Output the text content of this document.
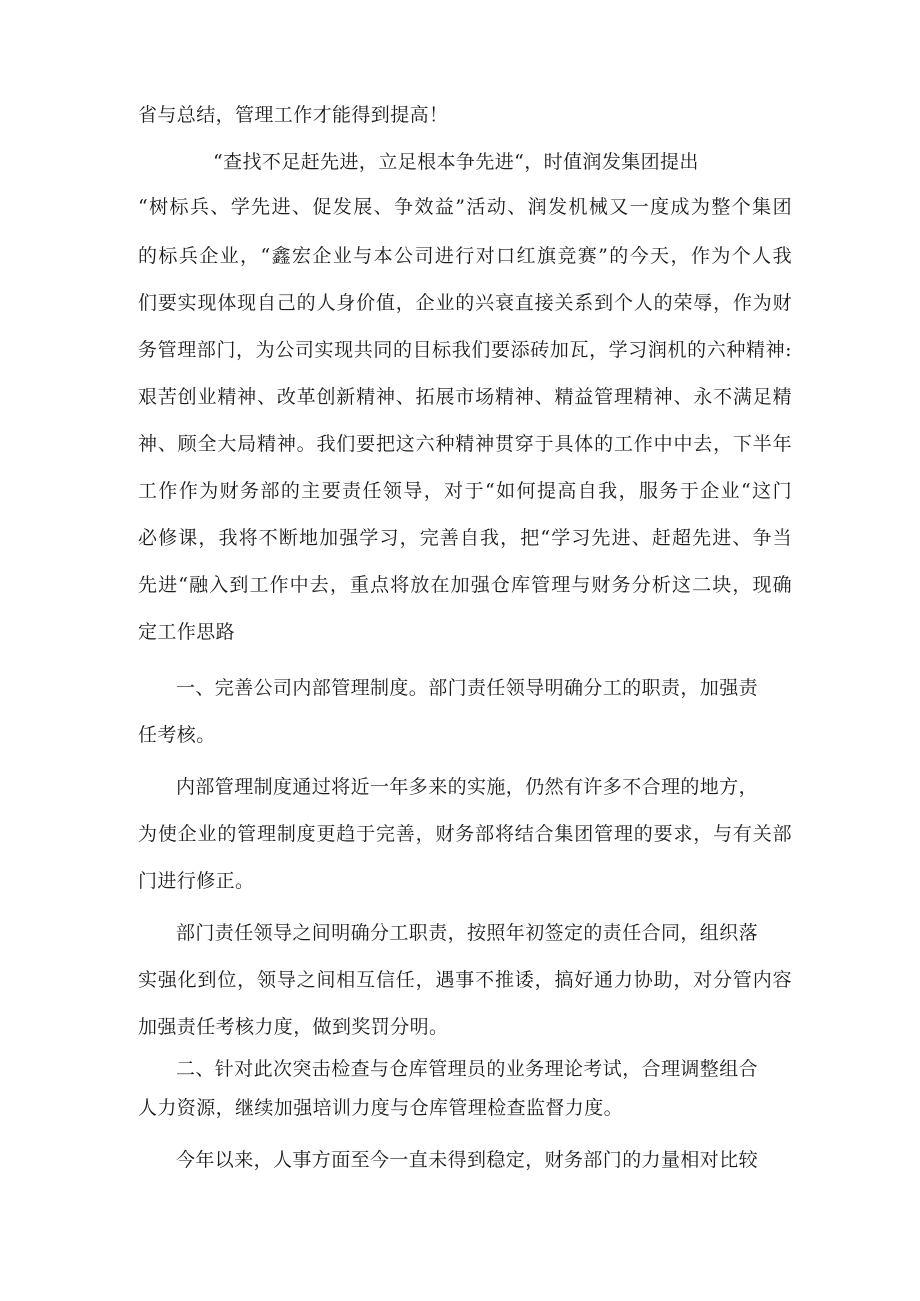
省与总结，管理工作才能得到提高！
“查找不足赶先进，立足根本争先进“，时值润发集团提出
“树标兵、学先进、促发展、争效益”活动、润发机械又一度成为整个集团
的标兵企业，“鑫宏企业与本公司进行对口红旗竞赛”的今天，作为个人我
们要实现体现自己的人身价值，企业的兴衰直接关系到个人的荣辱，作为财
务管理部门，为公司实现共同的目标我们要添砖加瓦，学习润机的六种精神:
艰苦创业精神、改革创新精神、拓展市场精神、精益管理精神、永不满足精
神、顾全大局精神。我们要把这六种精神贯穿于具体的工作中中去，下半年
工作作为财务部的主要责任领导，对于“如何提高自我，服务于企业“这门
必修课，我将不断地加强学习，完善自我，把“学习先进、赶超先进、争当
先进“融入到工作中去，重点将放在加强仓库管理与财务分析这二块，现确
定工作思路
一、完善公司内部管理制度。部门责任领导明确分工的职责，加强责
任考核。
内部管理制度通过将近一年多来的实施，仍然有许多不合理的地方，
为使企业的管理制度更趋于完善，财务部将结合集团管理的要求，与有关部
门进行修正。
部门责任领导之间明确分工职责，按照年初签定的责任合同，组织落
实强化到位，领导之间相互信任，遇事不推诿，搞好通力协助，对分管内容
加强责任考核力度，做到奖罚分明。
二、针对此次突击检查与仓库管理员的业务理论考试，合理调整组合
人力资源，继续加强培训力度与仓库管理检查监督力度。
今年以来，人事方面至今一直未得到稳定，财务部门的力量相对比较
